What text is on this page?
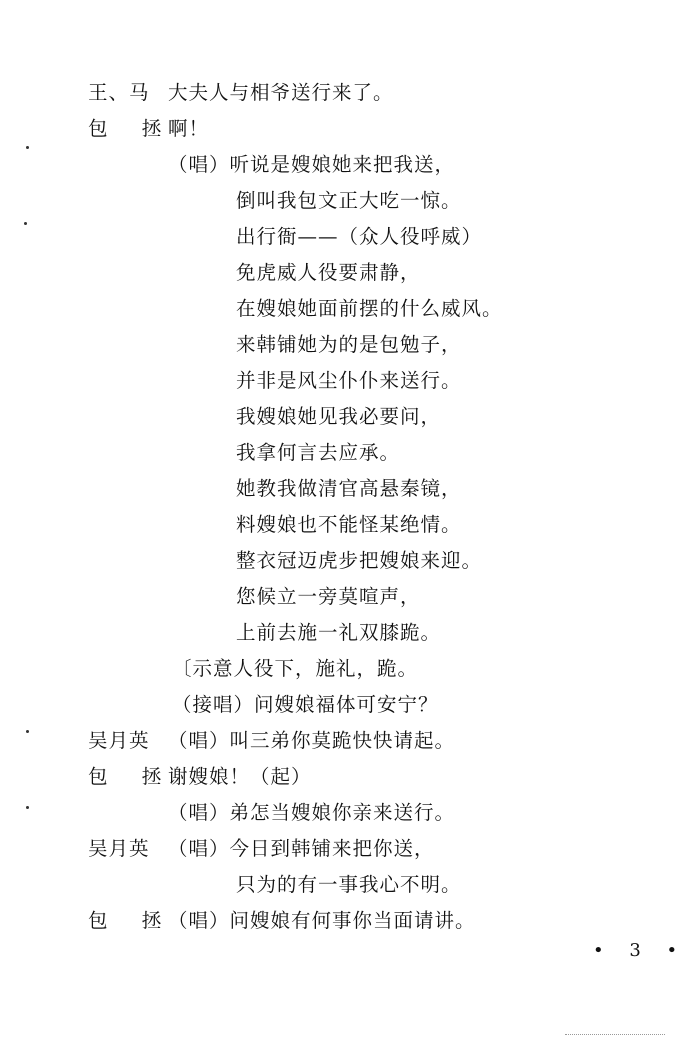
王、马 大夫人与相爷送行来了。
包 拯
啊！
（唱）听说是嫂娘她来把我送，
倒叫我包文正大吃一惊。
出行衙——（众人役呼威）
免虎威人役要肃静，
在嫂娘她面前摆的什么威风。
来韩铺她为的是包勉子，
并非是风尘仆仆来送行。
我嫂娘她见我必要问，
我拿何言去应承。
她教我做清官高悬秦镜，
料嫂娘也不能怪某绝情。
整衣冠迈虎步把嫂娘来迎。
您候立一旁莫喧声，
上前去施一礼双膝跪。
〔示意人役下，施礼，跪。
（接唱）问嫂娘福体可安宁？
吴月英 （唱）叫三弟你莫跪快快请起。
包 拯
谢嫂娘！（起）
（唱）弟怎当嫂娘你亲来送行。
吴月英 （唱）今日到韩铺来把你送，
只为的有一事我心不明。
包 拯
（唱）问嫂娘有何事你当面请讲。
• 3 •
